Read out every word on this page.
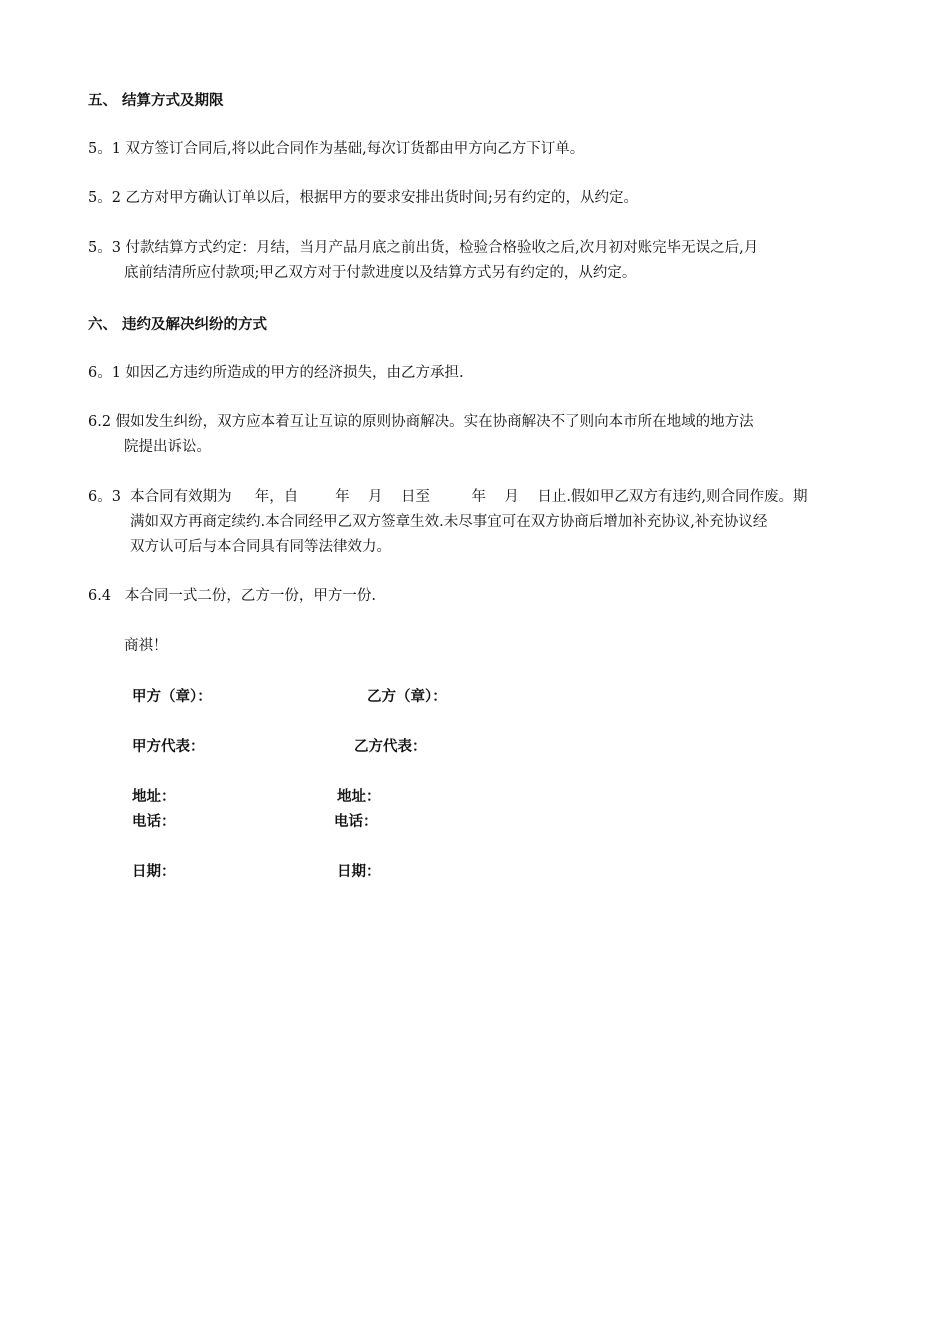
五、 结算方式及期限
5。1 双方签订合同后,将以此合同作为基础,每次订货都由甲方向乙方下订单。
5。2 乙方对甲方确认订单以后，根据甲方的要求安排出货时间;另有约定的，从约定。
5。3 付款结算方式约定：月结，当月产品月底之前出货，检验合格验收之后,次月初对账完毕无误之后,月
底前结清所应付款项;甲乙双方对于付款进度以及结算方式另有约定的，从约定。
六、 违约及解决纠纷的方式
6。1 如因乙方违约所造成的甲方的经济损失，由乙方承担.
6.2 假如发生纠纷，双方应本着互让互谅的原则协商解决。实在协商解决不了则向本市所在地域的地方法
院提出诉讼。
6。3  本合同有效期为     年，自        年    月    日至         年    月    日止.假如甲乙双方有违约,则合同作废。期
满如双方再商定续约.本合同经甲乙双方签章生效.未尽事宜可在双方协商后增加补充协议,补充协议经
双方认可后与本合同具有同等法律效力。
6.4   本合同一式二份，乙方一份，甲方一份.
商祺！
甲方（章）：	乙方（章）：
甲方代表：	乙方代表：
地址：	地址：
电话：	电话：
日期：	日期：
